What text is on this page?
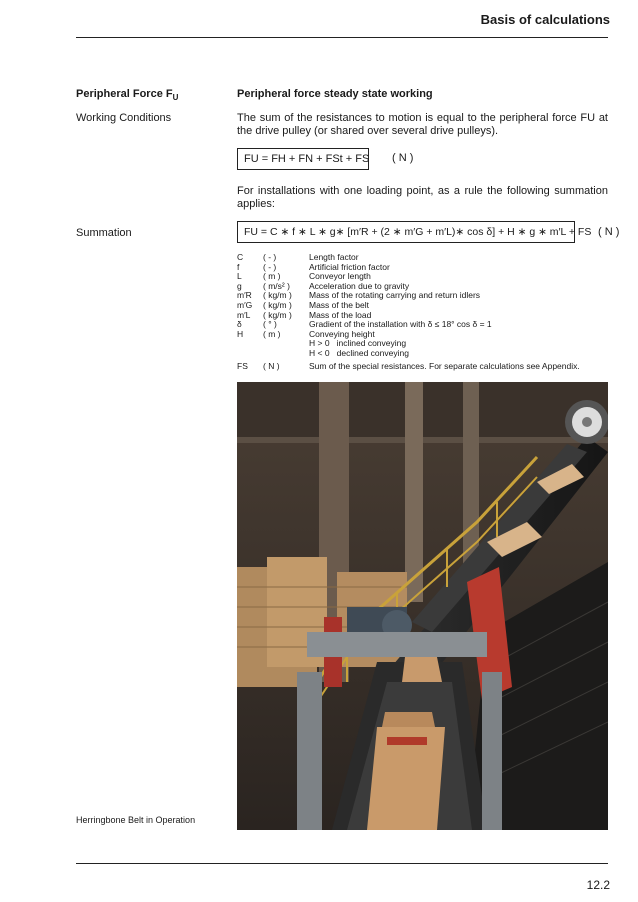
Basis of calculations
Peripheral Force $F_U$	Peripheral force steady state working
Working Conditions	The sum of the resistances to motion is equal to the peripheral force FU at the drive pulley (or shared over several drive pulleys).
FU = FH + FN + FSt + FS ( N )
For installations with one loading point, as a rule the following summation applies:
Summation	FU = C ∗ f ∗ L ∗ g∗ [m′R + (2 ∗ m′G + m′L)∗ cos δ] + H ∗ g ∗ m′L + FS ( N )
C	( - )	Length factor
f	( - )	Artificial friction factor
L	( m )	Conveyor length
g	( m/s² )	Acceleration due to gravity
m′R	( kg/m )	Mass of the rotating carrying and return idlers
m′G	( kg/m )	Mass of the belt
m′L	( kg/m )	Mass of the load
δ	( ° )	Gradient of the installation with δ ≤ 18° cos δ = 1
H	( m )	Conveying height
		H > 0   inclined conveying
		H < 0   declined conveying
FS	( N )	Sum of the special resistances. For separate calculations see Appendix.
Herringbone Belt in Operation
12.2
